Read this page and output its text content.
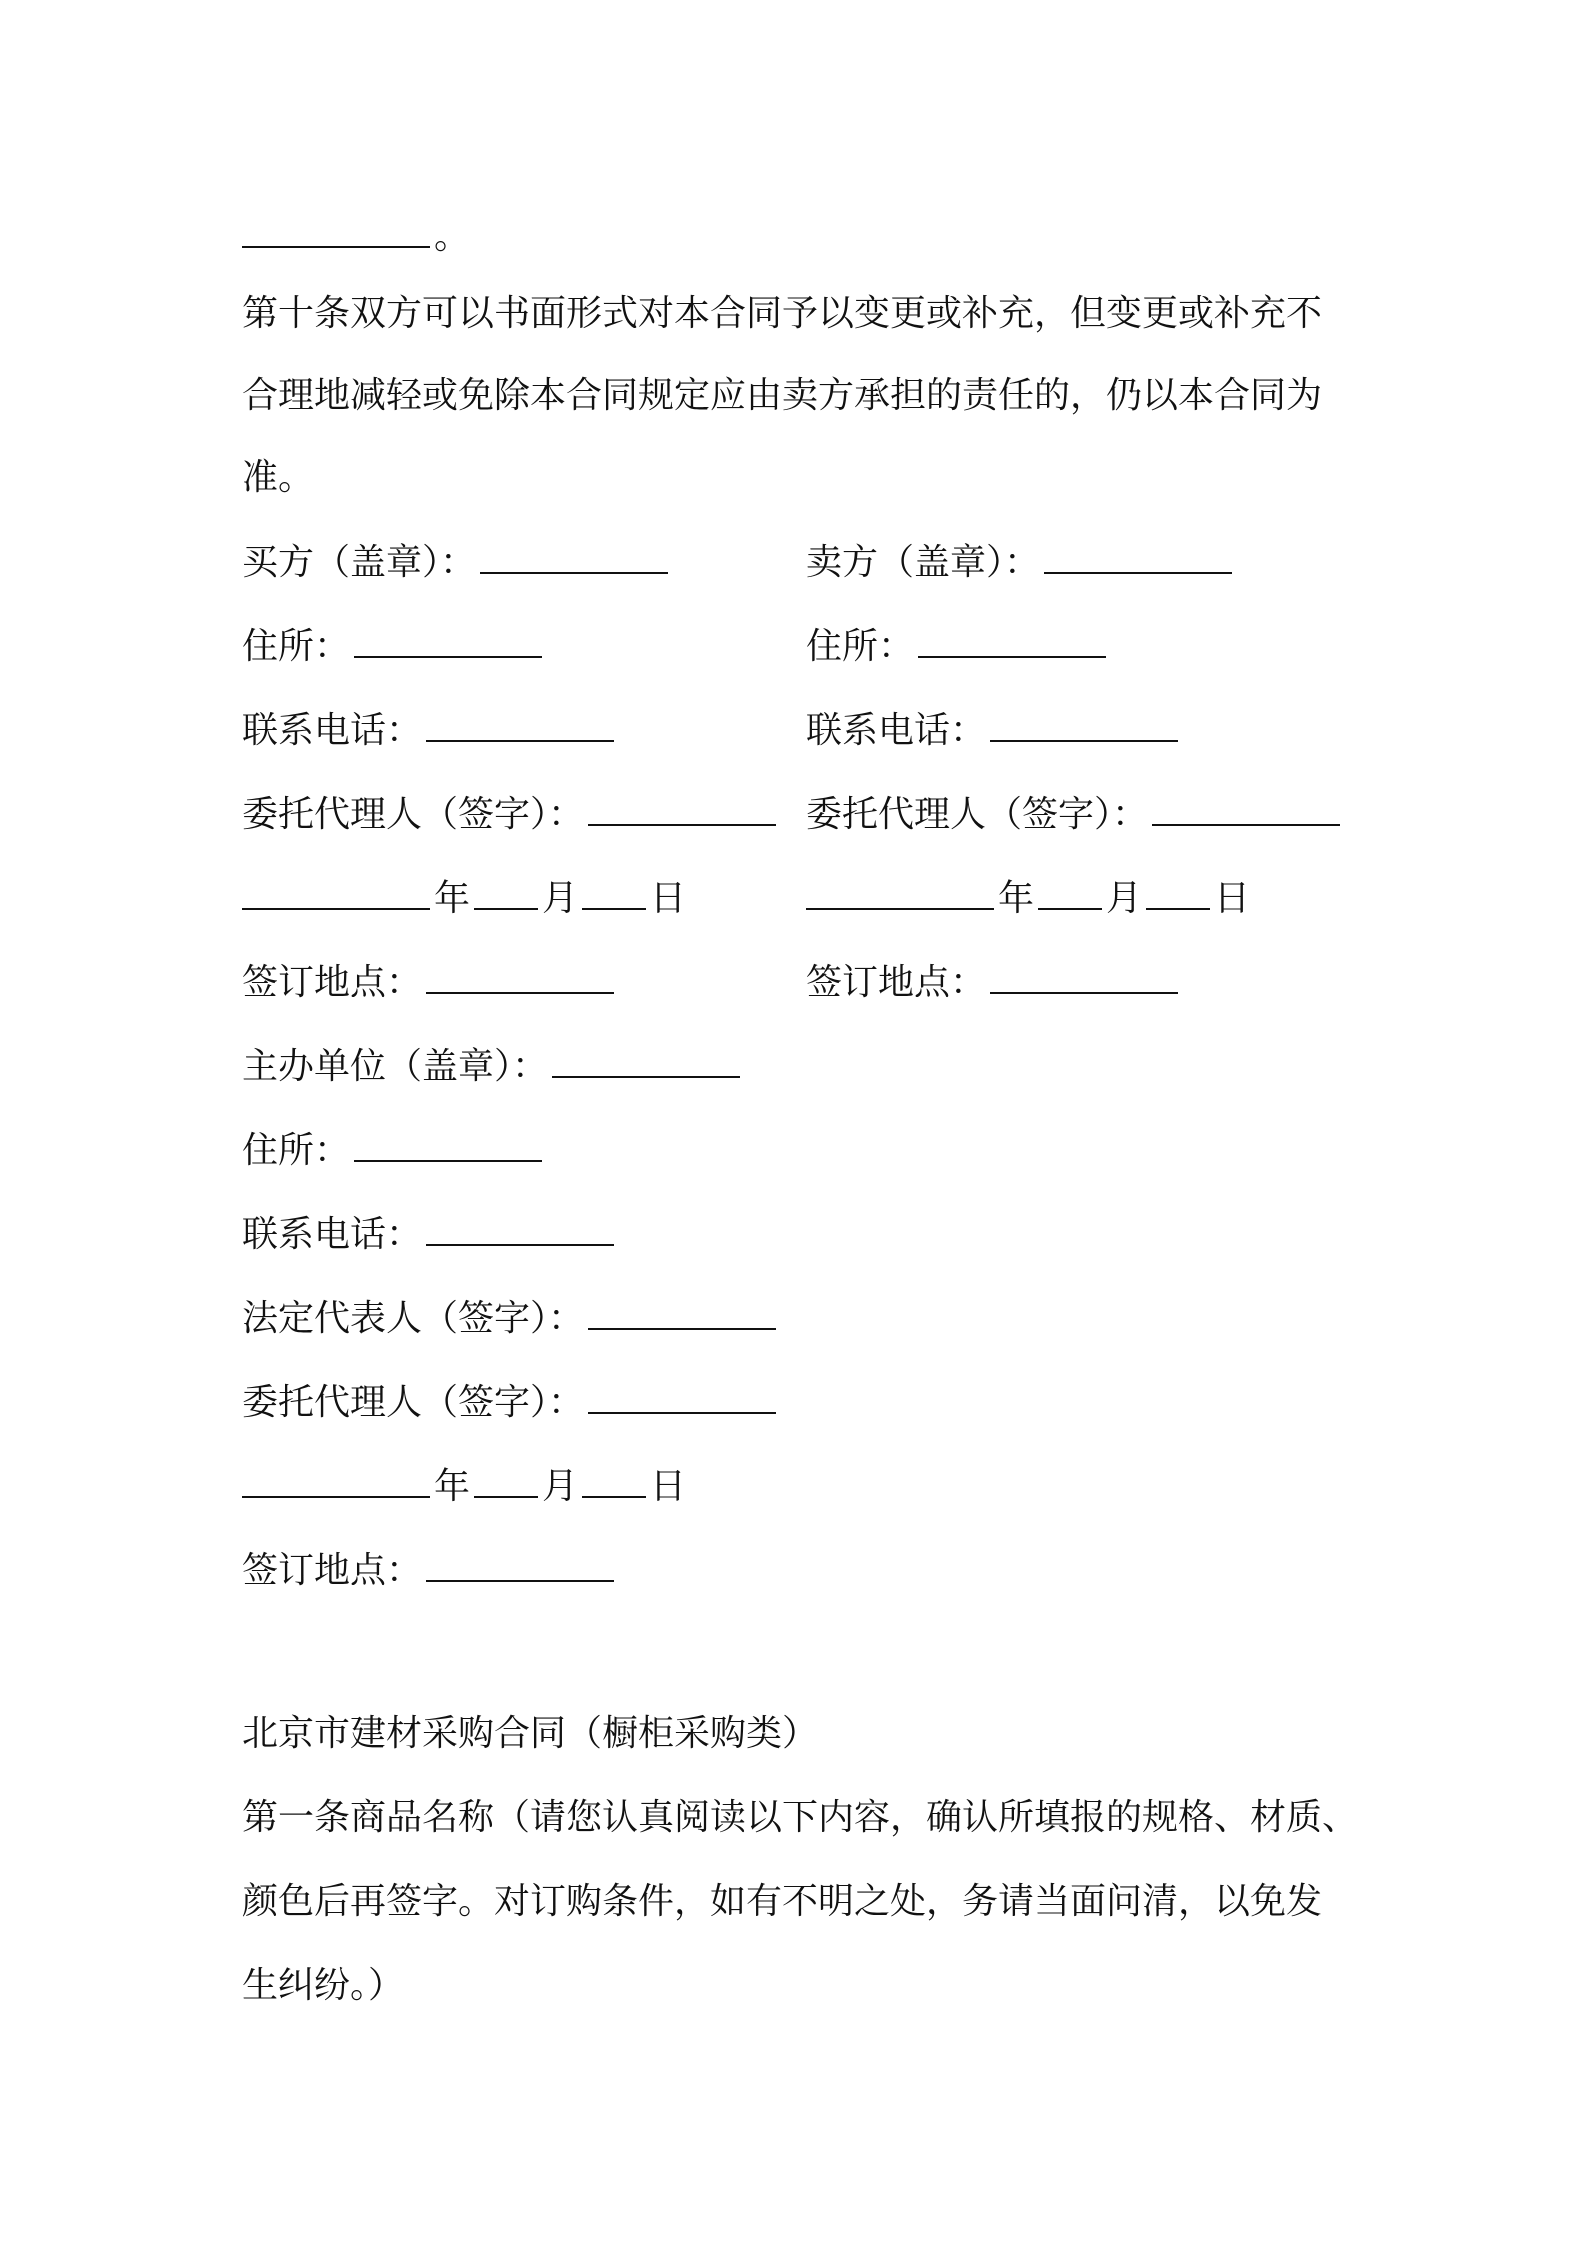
。
第十条双方可以书面形式对本合同予以变更或补充，但变更或补充不
合理地减轻或免除本合同规定应由卖方承担的责任的，仍以本合同为
准。
买方（盖章）：	卖方（盖章）：
住所：	住所：
联系电话：	联系电话：
委托代理人（签字）：	委托代理人（签字）：
年 月 日	年 月 日
签订地点：	签订地点：
主办单位（盖章）：
住所：
联系电话：
法定代表人（签字）：
委托代理人（签字）：
年 月 日
签订地点：
北京市建材采购合同（橱柜采购类）
第一条商品名称（请您认真阅读以下内容，确认所填报的规格、材质、
颜色后再签字。对订购条件，如有不明之处，务请当面问清，以免发
生纠纷。）
